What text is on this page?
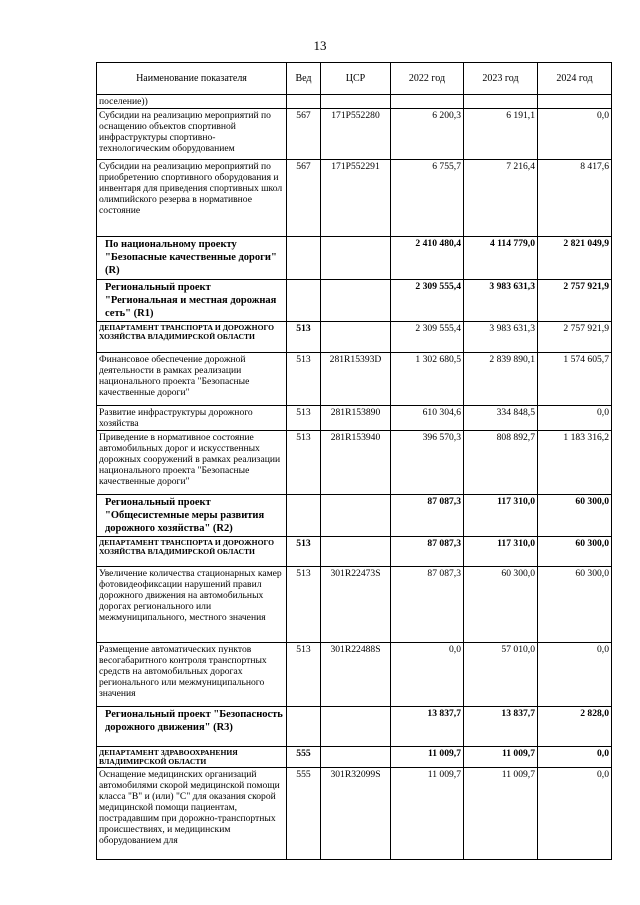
13
Наименование показателя	Вед	ЦСР	2022 год	2023 год	2024 год
поселение))					
Субсидии на реализацию мероприятий по оснащению объектов спортивной инфраструктуры спортивно-технологическим оборудованием	567	171P552280	6 200,3	6 191,1	0,0
Субсидии на реализацию мероприятий по приобретению спортивного оборудования и инвентаря для приведения спортивных школ олимпийского резерва в нормативное состояние	567	171P552291	6 755,7	7 216,4	8 417,6
По национальному проекту "Безопасные качественные дороги" (R)			2 410 480,4	4 114 779,0	2 821 049,9
Региональный проект "Региональная и местная дорожная сеть" (R1)			2 309 555,4	3 983 631,3	2 757 921,9
ДЕПАРТАМЕНТ ТРАНСПОРТА И ДОРОЖНОГО ХОЗЯЙСТВА ВЛАДИМИРСКОЙ ОБЛАСТИ	513		2 309 555,4	3 983 631,3	2 757 921,9
Финансовое обеспечение дорожной деятельности в рамках реализации национального проекта "Безопасные качественные дороги"	513	281R15393D	1 302 680,5	2 839 890,1	1 574 605,7
Развитие инфраструктуры дорожного хозяйства	513	281R153890	610 304,6	334 848,5	0,0
Приведение в нормативное состояние автомобильных дорог и искусственных дорожных сооружений в рамках реализации национального проекта "Безопасные качественные дороги"	513	281R153940	396 570,3	808 892,7	1 183 316,2
Региональный проект "Общесистемные меры развития дорожного хозяйства" (R2)			87 087,3	117 310,0	60 300,0
ДЕПАРТАМЕНТ ТРАНСПОРТА И ДОРОЖНОГО ХОЗЯЙСТВА ВЛАДИМИРСКОЙ ОБЛАСТИ	513		87 087,3	117 310,0	60 300,0
Увеличение количества стационарных камер фотовидеофиксации нарушений правил дорожного движения на автомобильных дорогах регионального или межмуниципального, местного значения	513	301R22473S	87 087,3	60 300,0	60 300,0
Размещение автоматических пунктов весогабаритного контроля транспортных средств на автомобильных дорогах регионального или межмуниципального значения	513	301R22488S	0,0	57 010,0	0,0
Региональный проект "Безопасность дорожного движения" (R3)			13 837,7	13 837,7	2 828,0
ДЕПАРТАМЕНТ ЗДРАВООХРАНЕНИЯ ВЛАДИМИРСКОЙ ОБЛАСТИ	555		11 009,7	11 009,7	0,0
Оснащение медицинских организаций автомобилями скорой медицинской помощи класса "В" и (или) "С" для оказания скорой медицинской помощи пациентам, пострадавшим при дорожно-транспортных происшествиях, и медицинским оборудованием для	555	301R32099S	11 009,7	11 009,7	0,0
